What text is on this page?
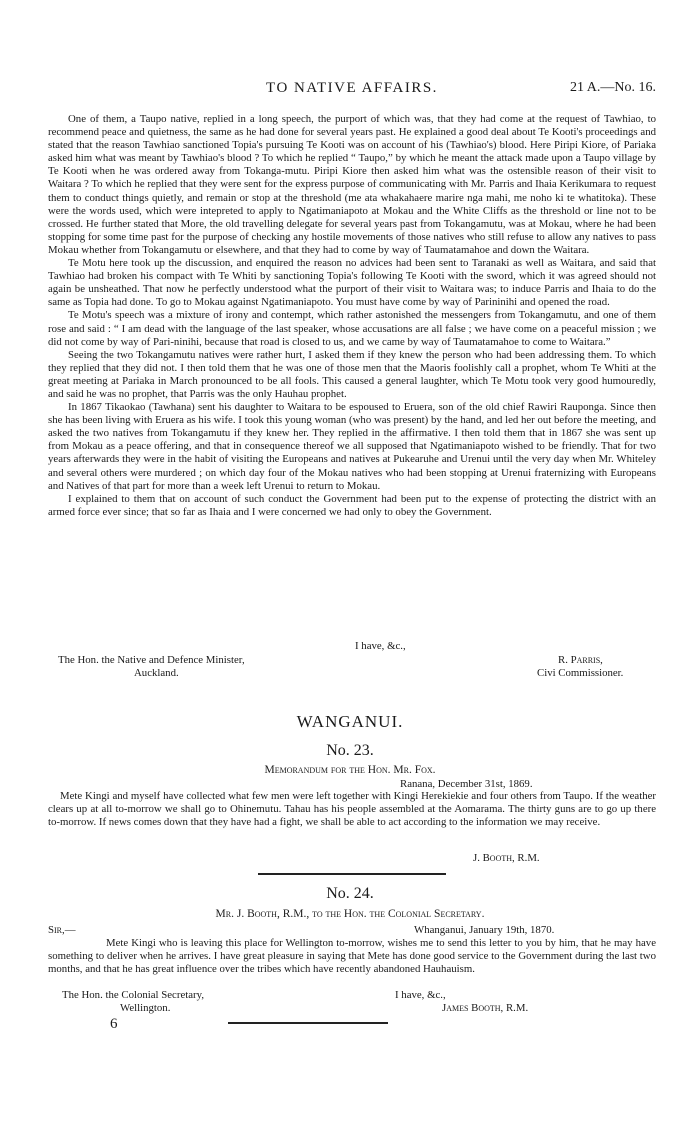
TO NATIVE AFFAIRS.	21 A.—No. 16.

One of them, a Taupo native, replied in a long speech, the purport of which was, that they had come at the request of Tawhiao, to recommend peace and quietness, the same as he had done for several years past. He explained a good deal about Te Kooti's proceedings and stated that the reason Tawhiao sanctioned Topia's pursuing Te Kooti was on account of his (Tawhiao's) blood. Here Piripi Kiore, of Pariaka asked him what was meant by Tawhiao's blood ? To which he replied “ Taupo,” by which he meant the attack made upon a Taupo village by Te Kooti when he was ordered away from Tokanga-mutu. Piripi Kiore then asked him what was the ostensible reason of their visit to Waitara ? To which he replied that they were sent for the express purpose of communicating with Mr. Parris and Ihaia Kerikumara to request them to conduct things quietly, and remain or stop at the threshold (me ata whakahaere marire nga mahi, me noho ki te whatitoka). These were the words used, which were intepreted to apply to Ngatimaniapoto at Mokau and the White Cliffs as the threshold or line not to be crossed. He further stated that More, the old travelling delegate for several years past from Tokangamutu, was at Mokau, where he had been stopping for some time past for the purpose of checking any hostile movements of those natives who still refuse to allow any natives to pass Mokau whether from Tokangamutu or elsewhere, and that they had to come by way of Taumatamahoe and down the Waitara.

Te Motu here took up the discussion, and enquired the reason no advices had been sent to Taranaki as well as Waitara, and said that Tawhiao had broken his compact with Te Whiti by sanctioning Topia's following Te Kooti with the sword, which it was agreed should not again be unsheathed. That now he perfectly understood what the purport of their visit to Waitara was; to induce Parris and Ihaia to do the same as Topia had done. To go to Mokau against Ngatimaniapoto. You must have come by way of Parininihi and opened the road.

Te Motu's speech was a mixture of irony and contempt, which rather astonished the messengers from Tokangamutu, and one of them rose and said : “ I am dead with the language of the last speaker, whose accusations are all false ; we have come on a peaceful mission ; we did not come by way of Pari-ninihi, because that road is closed to us, and we came by way of Taumatamahoe to come to Waitara.”

Seeing the two Tokangamutu natives were rather hurt, I asked them if they knew the person who had been addressing them. To which they replied that they did not. I then told them that he was one of those men that the Maoris foolishly call a prophet, whom Te Whiti at the great meeting at Pariaka in March pronounced to be all fools. This caused a general laughter, which Te Motu took very good humouredly, and said he was no prophet, that Parris was the only Hauhau prophet.

In 1867 Tikaokao (Tawhana) sent his daughter to Waitara to be espoused to Eruera, son of the old chief Rawiri Rauponga. Since then she has been living with Eruera as his wife. I took this young woman (who was present) by the hand, and led her out before the meeting, and asked the two natives from Tokangamutu if they knew her. They replied in the affirmative. I then told them that in 1867 she was sent up from Mokau as a peace offering, and that in consequence thereof we all supposed that Ngatimaniapoto wished to be friendly. That for two years afterwards they were in the habit of visiting the Europeans and natives at Pukearuhe and Urenui until the very day when Mr. Whiteley and several others were murdered ; on which day four of the Mokau natives who had been stopping at Urenui fraternizing with Europeans and Natives of that part for more than a week left Urenui to return to Mokau.

I explained to them that on account of such conduct the Government had been put to the expense of protecting the district with an armed force ever since; that so far as Ihaia and I were concerned we had only to obey the Government.

I have, &c.,
The Hon. the Native and Defence Minister,
Auckland.
R. Parris,
Civi Commissioner.
WANGANUI.
No. 23.
Memorandum for the Hon. Mr. Fox.
Ranana, December 31st, 1869.

Mete Kingi and myself have collected what few men were left together with Kingi Herekiekie and four others from Taupo. If the weather clears up at all to-morrow we shall go to Ohinemutu. Tahau has his people assembled at the Aomarama. The thirty guns are to go up there to-morrow. If news comes down that they have had a fight, we shall be able to act according to the information we may receive.

J. Booth, R.M.
No. 24.
Mr. J. Booth, R.M., to the Hon. the Colonial Secretary.
Sir,—	Whanganui, January 19th, 1870.

Mete Kingi who is leaving this place for Wellington to-morrow, wishes me to send this letter to you by him, that he may have something to deliver when he arrives. I have great pleasure in saying that Mete has done good service to the Government during the last two months, and that he has great influence over the tribes which have recently abandoned Hauhauism.

The Hon. the Colonial Secretary,
Wellington.
I have, &c.,
James Booth, R.M.
6
